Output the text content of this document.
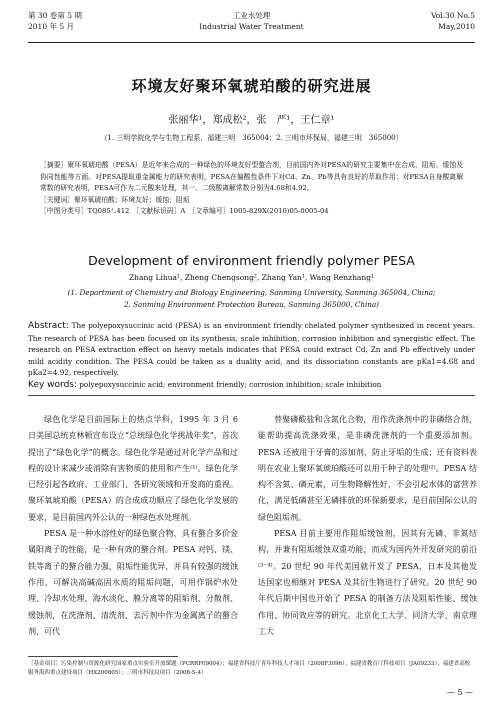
第 30 卷第 5 期
2010 年 5 月
工业水处理
Industrial Water Treatment
Vol.30 No.5
May,2010
环境友好聚环氧琥珀酸的研究进展
张丽华¹，郑成松²，张　严¹，王仁章¹
（1. 三明学院化学与生物工程系，福建三明　365004；2. 三明市环保局，福建三明　365000）

［摘要］聚环氧琥珀酸（PESA）是近年来合成的一种绿色的环境友好型螯合剂，目前国内外对PESA的研究主要集中在合成、阻垢、缓蚀及协同性能等方面。对PESA提取重金属能力的研究表明，PESA在偏酸性条件下对Cd、Zn、Pb等具有良好的萃取作用；对PESA自身酸离解常数的研究表明，PESA可作为二元酸来处理，其一、二级酸离解常数分别为4.68和4.92。

［关键词］聚环氧琥珀酸；环境友好；缓蚀；阻垢

［中图分类号］TQ085⁺.412　［文献标识码］A　［文章编号］1005-829X(2010)05-0005-04

Development of environment friendly polymer PESA
Zhang Lihua¹, Zheng Chengsong², Zhang Yan¹, Wang Renzhang¹
(1. Department of Chemistry and Biology Engineering, Sanming University, Sanming 365004, China;
2. Sanming Environment Protection Bureau, Sanming 365000, China)
Abstract: The polyepoxysuccinic acid (PESA) is an environment friendly chelated polymer synthesized in recent years. The research of PESA has been focused on its synthesis, scale inhibition, corrosion inhibition and synergistic effect. The research on PESA extraction effect on heavy metals indicates that PESA could extract Cd, Zn and Pb effectively under mild acidity condition. The PESA could be taken as a duality acid, and its dissociation constants are pKa1=4.68 and pKa2=4.92, respectively.
Key words: polyepoxysuccinic acid; environment friendly; corrosion inhibition; scale inhibition

绿色化学是目前国际上的热点学科，1995 年 3 月 6 日美国总统克林顿宣布设立“总统绿色化学挑战年奖”，首次提出了“绿色化学”的概念。绿色化学是通过对化学产品和过程的设计来减少或消除有害物质的使用和产生⁽¹⁾。绿色化学已经引起各政府、工业部门、各研究领域和开发商的重视。聚环氧琥珀酸（PESA）的合成成功顺应了绿色化学发展的要求，是目前国内外公认的一种绿色水处理剂。

PESA 是一种水溶性好的绿色聚合物，具有螯合多价金属阳离子的性能，是一种有效的螯合剂。PESA 对钙、镁、铁等离子的螯合能力强，阻垢性能优异，并具有较强的缓蚀作用，可解决高碱高固水质的阻垢问题，可用作锅炉水处理、冷却水处理、海水淡化、膜分离等的阻垢剂、分散剂、缓蚀剂，在洗涤剂、清洗剂、去污剂中作为金属离子的螯合剂，可代

替聚磷酸盐和含氮化合物，用作洗涤剂中的非磷络合剂，能帮助提高洗涤效果，是非磷洗涤剂的一个重要添加剂。PESA 还被用于牙膏的添加剂，防止牙垢的生成；还有资料表明在农业上聚环氧琥珀酸还可以用于种子的处理⁽²⁾。PESA 结构不含氮、磷元素，可生物降解性好，不会引起水体的富营养化，满足低磷甚至无磷排放的环保新要求，是目前国际公认的绿色阻垢剂。

PESA 目前主要用作阻垢缓蚀剂，因其有无磷、非氮结构，并兼有阻垢缓蚀双重功能，而成为国内外开发研究的前沿⁽³⁻⁴⁾。20 世纪 90 年代美国就开发了 PESA，日本及其他发达国家也相继对 PESA 及其衍生物进行了研究。20 世纪 90 年代后期中国也开始了 PESA 的制备方法及阻垢性能、缓蚀作用、协同效应等的研究。北京化工大学、同济大学、南京理工大

［基金项目］污染控制与资源化研究国家重点实验室开放课题（PCRRF09004）；福建省科技厅青年科技人才项目（2008F3096）；福建省教育厅科技项目（JA09233）；福建省高校服务海西重点建设项目（HX200805）；三明市科技局项目（2008-S-4）
— 5 —
